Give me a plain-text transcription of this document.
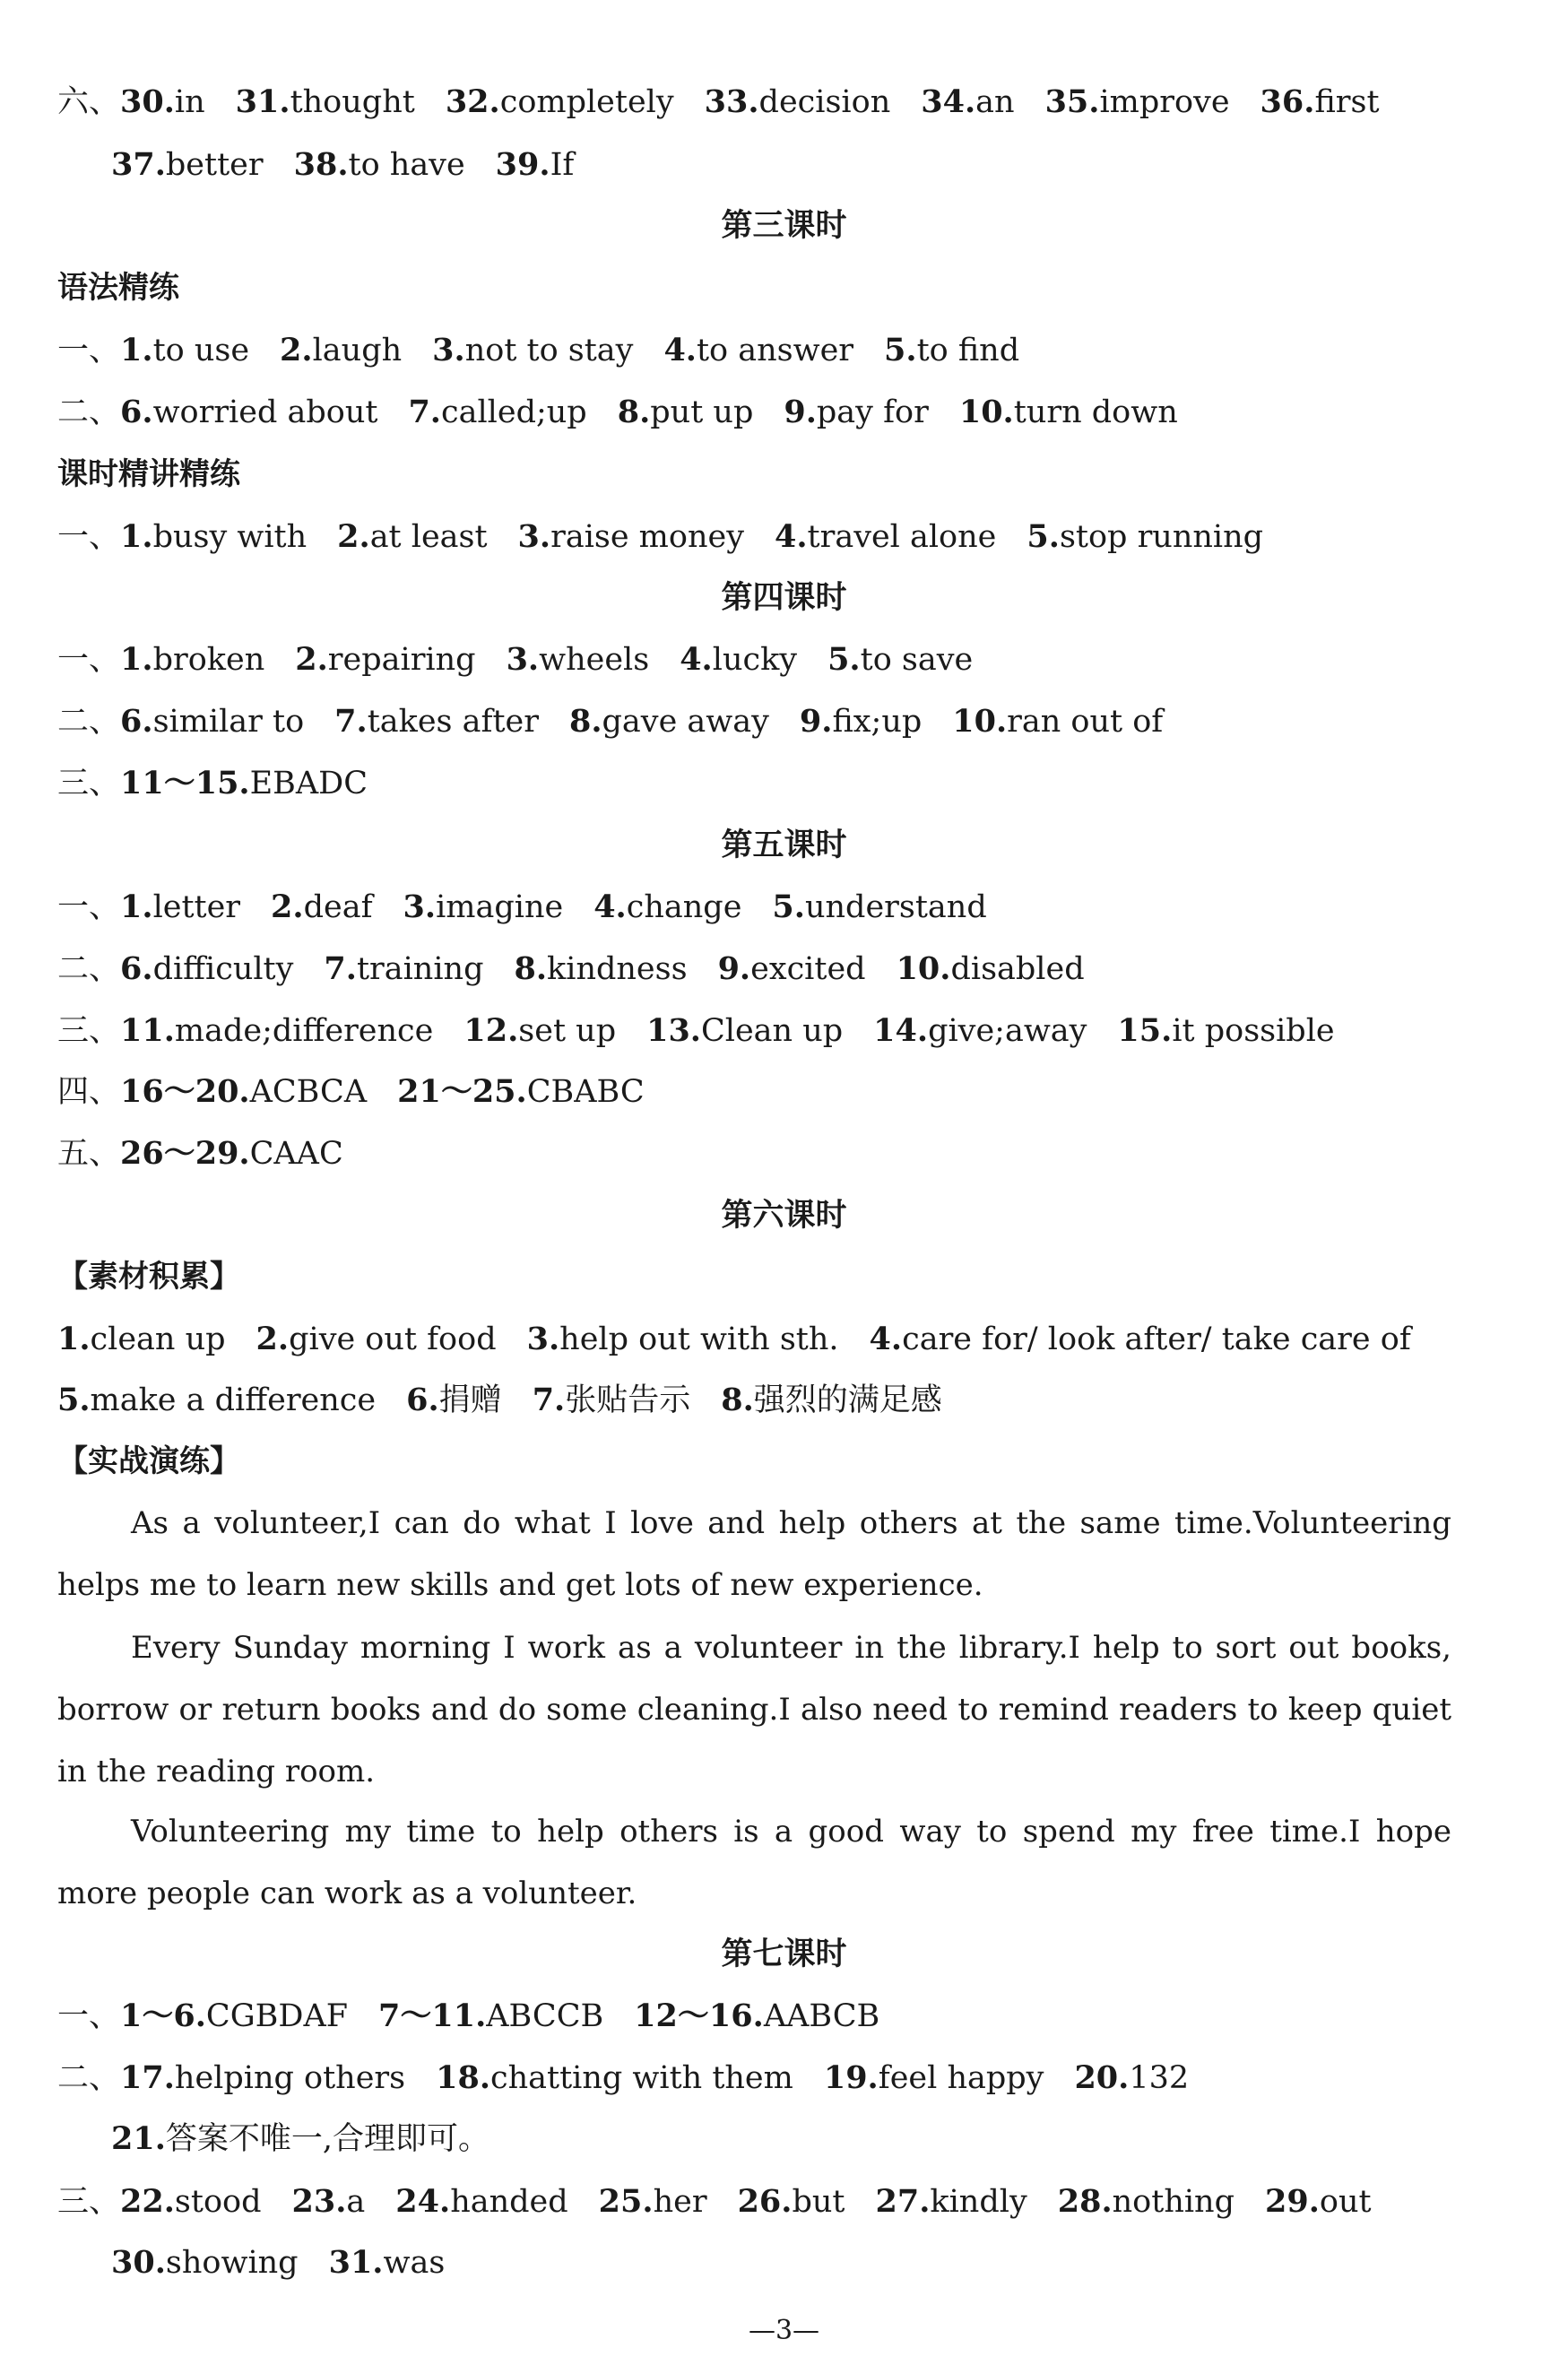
六、30.in 31.thought 32.completely 33.decision 34.an 35.improve 36.first
37.better 38.to have 39.If
第三课时
语法精练
一、1.to use 2.laugh 3.not to stay 4.to answer 5.to find
二、6.worried about 7.called;up 8.put up 9.pay for 10.turn down
课时精讲精练
一、1.busy with 2.at least 3.raise money 4.travel alone 5.stop running
第四课时
一、1.broken 2.repairing 3.wheels 4.lucky 5.to save
二、6.similar to 7.takes after 8.gave away 9.fix;up 10.ran out of
三、11～15.EBADC
第五课时
一、1.letter 2.deaf 3.imagine 4.change 5.understand
二、6.difficulty 7.training 8.kindness 9.excited 10.disabled
三、11.made;difference 12.set up 13.Clean up 14.give;away 15.it possible
四、16～20.ACBCA 21～25.CBABC
五、26～29.CAAC
第六课时
【素材积累】
1.clean up 2.give out food 3.help out with sth. 4.care for/ look after/ take care of
5.make a difference 6.捐赠 7.张贴告示 8.强烈的满足感
【实战演练】
As a volunteer,I can do what I love and help others at the same time.Volunteering helps me to learn new skills and get lots of new experience.
Every Sunday morning I work as a volunteer in the library.I help to sort out books, borrow or return books and do some cleaning.I also need to remind readers to keep quiet in the reading room.
Volunteering my time to help others is a good way to spend my free time.I hope more people can work as a volunteer.
第七课时
一、1～6.CGBDAF 7～11.ABCCB 12～16.AABCB
二、17.helping others 18.chatting with them 19.feel happy 20.132
21.答案不唯一,合理即可。
三、22.stood 23.a 24.handed 25.her 26.but 27.kindly 28.nothing 29.out
30.showing 31.was
—3—
